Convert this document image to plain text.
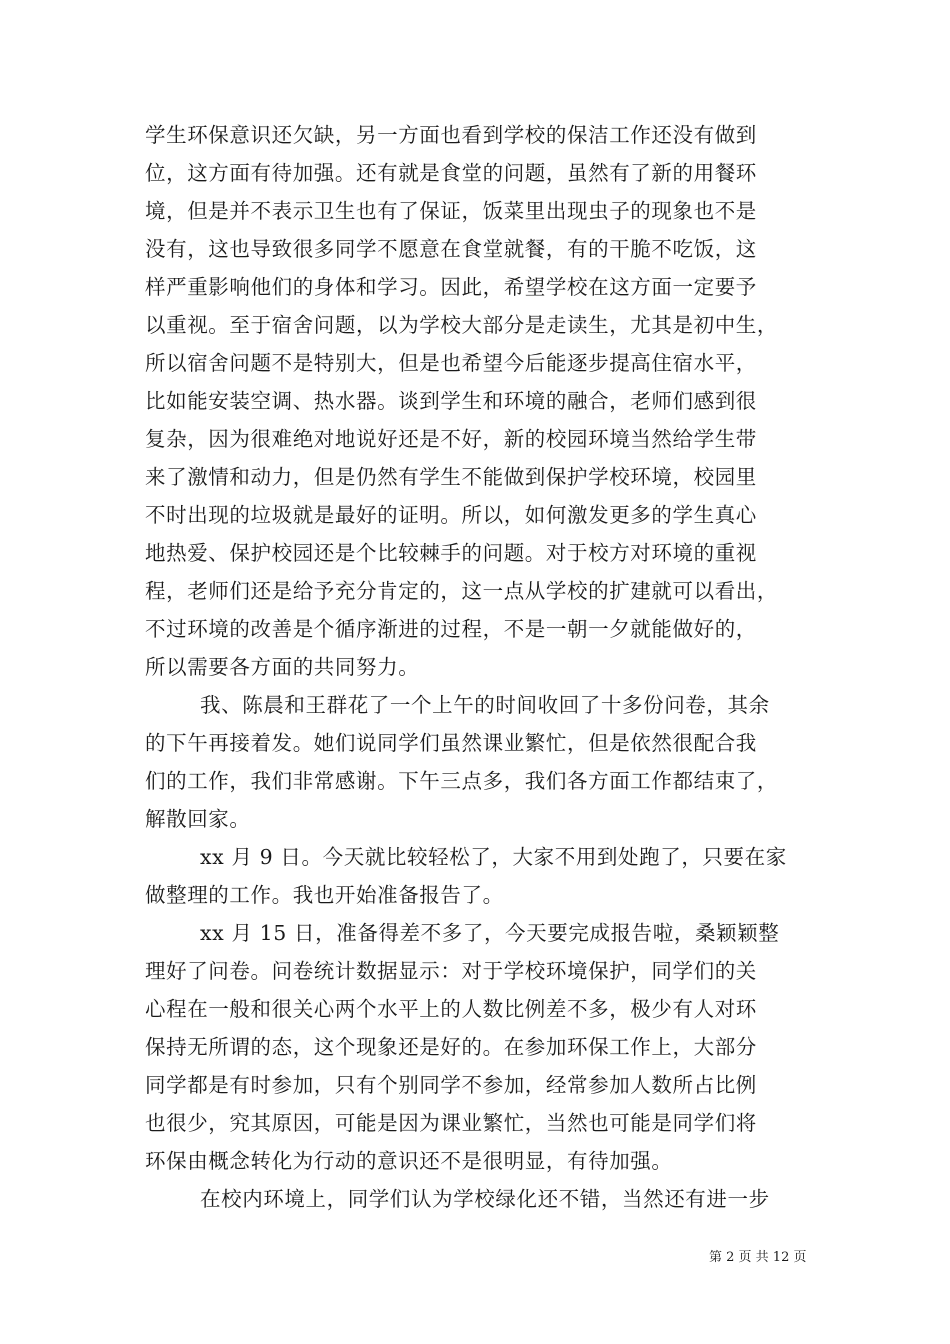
学生环保意识还欠缺，另一方面也看到学校的保洁工作还没有做到
位，这方面有待加强。还有就是食堂的问题，虽然有了新的用餐环
境，但是并不表示卫生也有了保证，饭菜里出现虫子的现象也不是
没有，这也导致很多同学不愿意在食堂就餐，有的干脆不吃饭，这
样严重影响他们的身体和学习。因此，希望学校在这方面一定要予
以重视。至于宿舍问题，以为学校大部分是走读生，尤其是初中生，
所以宿舍问题不是特别大，但是也希望今后能逐步提高住宿水平，
比如能安装空调、热水器。谈到学生和环境的融合，老师们感到很
复杂，因为很难绝对地说好还是不好，新的校园环境当然给学生带
来了激情和动力，但是仍然有学生不能做到保护学校环境，校园里
不时出现的垃圾就是最好的证明。所以，如何激发更多的学生真心
地热爱、保护校园还是个比较棘手的问题。对于校方对环境的重视
程，老师们还是给予充分肯定的，这一点从学校的扩建就可以看出，
不过环境的改善是个循序渐进的过程，不是一朝一夕就能做好的，
所以需要各方面的共同努力。
我、陈晨和王群花了一个上午的时间收回了十多份问卷，其余
的下午再接着发。她们说同学们虽然课业繁忙，但是依然很配合我
们的工作，我们非常感谢。下午三点多，我们各方面工作都结束了，
解散回家。
xx 月 9 日。今天就比较轻松了，大家不用到处跑了，只要在家
做整理的工作。我也开始准备报告了。
xx 月 15 日，准备得差不多了，今天要完成报告啦，桑颖颖整
理好了问卷。问卷统计数据显示：对于学校环境保护，同学们的关
心程在一般和很关心两个水平上的人数比例差不多，极少有人对环
保持无所谓的态，这个现象还是好的。在参加环保工作上，大部分
同学都是有时参加，只有个别同学不参加，经常参加人数所占比例
也很少，究其原因，可能是因为课业繁忙，当然也可能是同学们将
环保由概念转化为行动的意识还不是很明显，有待加强。
在校内环境上，同学们认为学校绿化还不错，当然还有进一步
第 2 页 共 12 页
